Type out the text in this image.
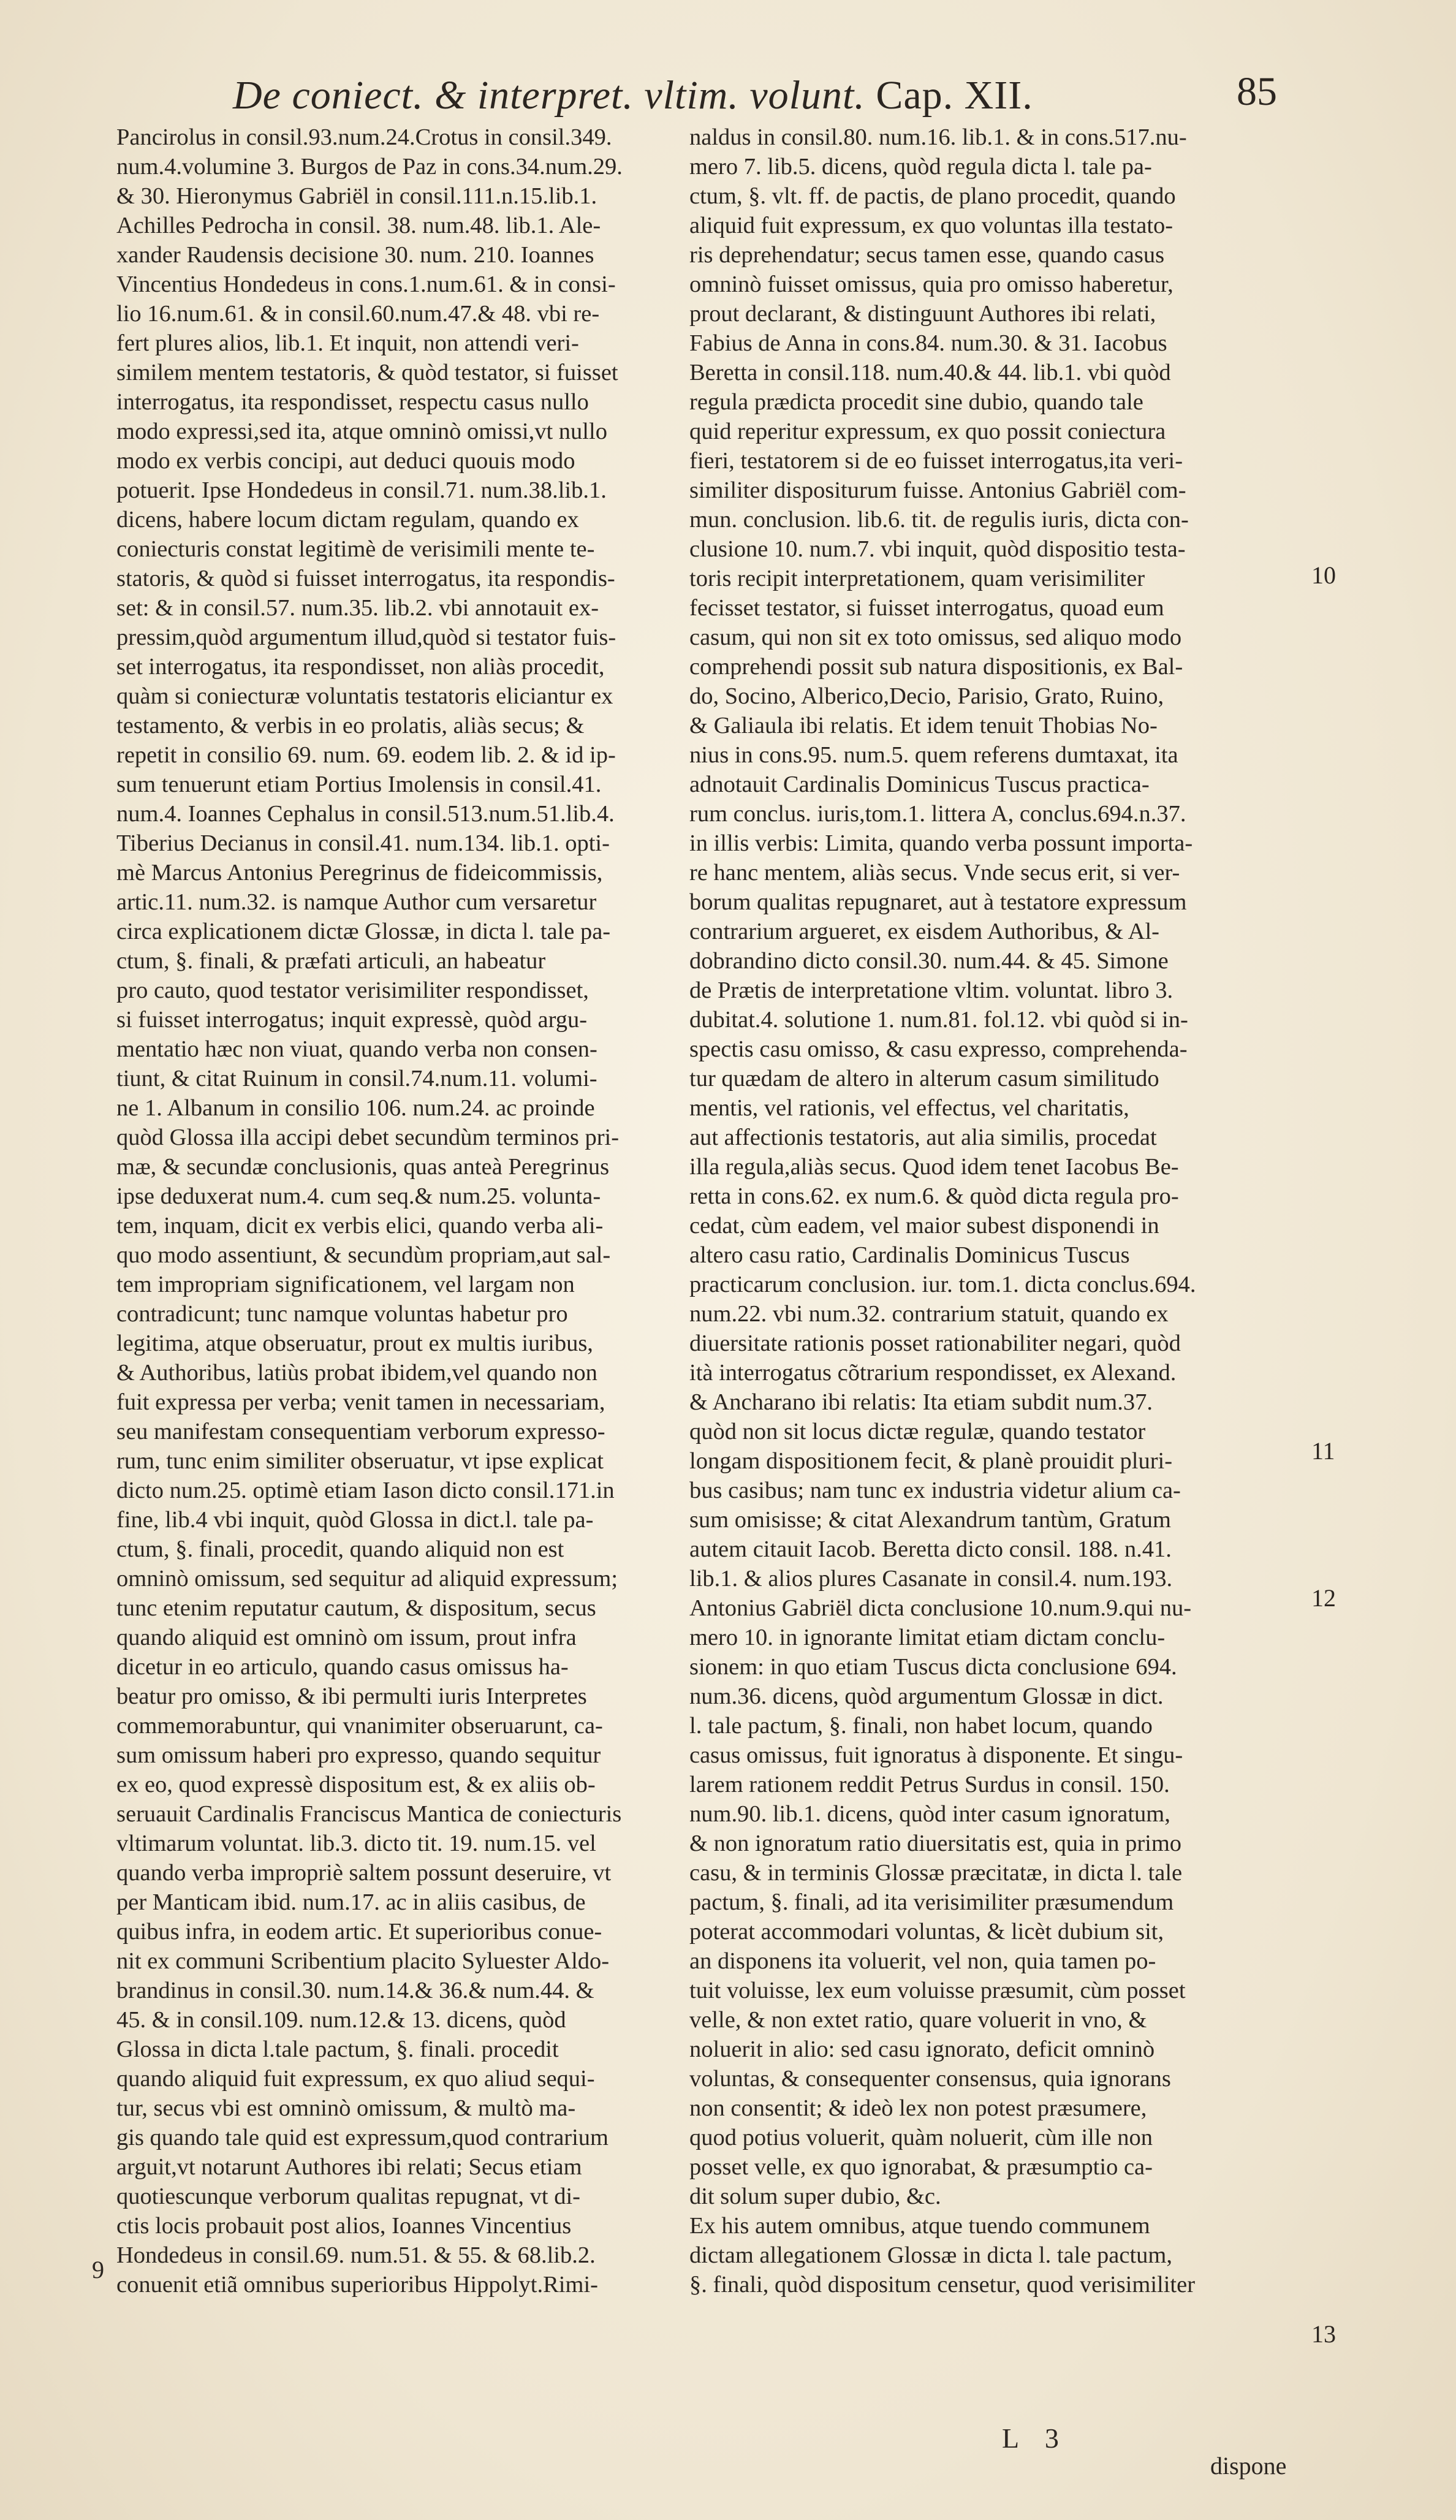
De coniect. & interpret. vltim. volunt. Cap. XII.	85
Pancirolus in consil.93.num.24.Crotus in consil.349.
num.4.volumine 3. Burgos de Paz in cons.34.num.29.
& 30. Hieronymus Gabriël in consil.111.n.15.lib.1.
Achilles Pedrocha in consil. 38. num.48. lib.1. Ale-
xander Raudensis decisione 30. num. 210. Ioannes
Vincentius Hondedeus in cons.1.num.61. & in consi-
lio 16.num.61. & in consil.60.num.47.& 48. vbi re-
fert plures alios, lib.1. Et inquit, non attendi veri-
similem mentem testatoris, & quòd testator, si fuisset
interrogatus, ita respondisset, respectu casus nullo
modo expressi,sed ita, atque omninò omissi,vt nullo
modo ex verbis concipi, aut deduci quouis modo
potuerit. Ipse Hondedeus in consil.71. num.38.lib.1.
dicens, habere locum dictam regulam, quando ex
coniecturis constat legitimè de verisimili mente te-
statoris, & quòd si fuisset interrogatus, ita respondis-
set: & in consil.57. num.35. lib.2. vbi annotauit ex-
pressim,quòd argumentum illud,quòd si testator fuis-
set interrogatus, ita respondisset, non aliàs procedit,
quàm si coniecturæ voluntatis testatoris eliciantur ex
testamento, & verbis in eo prolatis, aliàs secus; &
repetit in consilio 69. num. 69. eodem lib. 2. & id ip-
sum tenuerunt etiam Portius Imolensis in consil.41.
num.4. Ioannes Cephalus in consil.513.num.51.lib.4.
Tiberius Decianus in consil.41. num.134. lib.1. opti-
mè Marcus Antonius Peregrinus de fideicommissis,
artic.11. num.32. is namque Author cum versaretur
circa explicationem dictæ Glossæ, in dicta l. tale pa-
ctum, §. finali, & præfati articuli, an habeatur
pro cauto, quod testator verisimiliter respondisset,
si fuisset interrogatus; inquit expressè, quòd argu-
mentatio hæc non viuat, quando verba non consen-
tiunt, & citat Ruinum in consil.74.num.11. volumi-
ne 1. Albanum in consilio 106. num.24. ac proinde
quòd Glossa illa accipi debet secundùm terminos pri-
mæ, & secundæ conclusionis, quas anteà Peregrinus
ipse deduxerat num.4. cum seq.& num.25. volunta-
tem, inquam, dicit ex verbis elici, quando verba ali-
quo modo assentiunt, & secundùm propriam,aut sal-
tem impropriam significationem, vel largam non
contradicunt; tunc namque voluntas habetur pro
legitima, atque obseruatur, prout ex multis iuribus,
& Authoribus, latiùs probat ibidem,vel quando non
fuit expressa per verba; venit tamen in necessariam,
seu manifestam consequentiam verborum expresso-
rum, tunc enim similiter obseruatur, vt ipse explicat
dicto num.25. optimè etiam Iason dicto consil.171.in
fine, lib.4 vbi inquit, quòd Glossa in dict.l. tale pa-
ctum, §. finali, procedit, quando aliquid non est
omninò omissum, sed sequitur ad aliquid expressum;
tunc etenim reputatur cautum, & dispositum, secus
quando aliquid est omninò om issum, prout infra
dicetur in eo articulo, quando casus omissus ha-
beatur pro omisso, & ibi permulti iuris Interpretes
commemorabuntur, qui vnanimiter obseruarunt, ca-
sum omissum haberi pro expresso, quando sequitur
ex eo, quod expressè dispositum est, & ex aliis ob-
seruauit Cardinalis Franciscus Mantica de coniecturis
vltimarum voluntat. lib.3. dicto tit. 19. num.15. vel
quando verba impropriè saltem possunt deseruire, vt
per Manticam ibid. num.17. ac in aliis casibus, de
quibus infra, in eodem artic. Et superioribus conue-
nit ex communi Scribentium placito Syluester Aldo-
brandinus in consil.30. num.14.& 36.& num.44. &
45. & in consil.109. num.12.& 13. dicens, quòd
Glossa in dicta l.tale pactum, §. finali. procedit
quando aliquid fuit expressum, ex quo aliud sequi-
tur, secus vbi est omninò omissum, & multò ma-
gis quando tale quid est expressum,quod contrarium
arguit,vt notarunt Authores ibi relati; Secus etiam
quotiescunque verborum qualitas repugnat, vt di-
ctis locis probauit post alios, Ioannes Vincentius
Hondedeus in consil.69. num.51. & 55. & 68.lib.2.
conuenit etiã omnibus superioribus Hippolyt.Rimi-
naldus in consil.80. num.16. lib.1. & in cons.517.nu-
mero 7. lib.5. dicens, quòd regula dicta l. tale pa-
ctum, §. vlt. ff. de pactis, de plano procedit, quando
aliquid fuit expressum, ex quo voluntas illa testato-
ris deprehendatur; secus tamen esse, quando casus
omninò fuisset omissus, quia pro omisso haberetur,
prout declarant, & distinguunt Authores ibi relati,
Fabius de Anna in cons.84. num.30. & 31. Iacobus
Beretta in consil.118. num.40.& 44. lib.1. vbi quòd
regula prædicta procedit sine dubio, quando tale
quid reperitur expressum, ex quo possit coniectura
fieri, testatorem si de eo fuisset interrogatus,ita veri-
similiter dispositurum fuisse. Antonius Gabriël com-
mun. conclusion. lib.6. tit. de regulis iuris, dicta con-
clusione 10. num.7. vbi inquit, quòd dispositio testa-
toris recipit interpretationem, quam verisimiliter
fecisset testator, si fuisset interrogatus, quoad eum
casum, qui non sit ex toto omissus, sed aliquo modo
comprehendi possit sub natura dispositionis, ex Bal-
do, Socino, Alberico,Decio, Parisio, Grato, Ruino,
& Galiaula ibi relatis. Et idem tenuit Thobias No-
nius in cons.95. num.5. quem referens dumtaxat, ita
adnotauit Cardinalis Dominicus Tuscus practica-
rum conclus. iuris,tom.1. littera A, conclus.694.n.37.
in illis verbis: Limita, quando verba possunt importa-
re hanc mentem, aliàs secus. Vnde secus erit, si ver-
borum qualitas repugnaret, aut à testatore expressum
contrarium argueret, ex eisdem Authoribus, & Al-
dobrandino dicto consil.30. num.44. & 45. Simone
de Prætis de interpretatione vltim. voluntat. libro 3.
dubitat.4. solutione 1. num.81. fol.12. vbi quòd si in-
spectis casu omisso, & casu expresso, comprehenda-
tur quædam de altero in alterum casum similitudo
mentis, vel rationis, vel effectus, vel charitatis,
aut affectionis testatoris, aut alia similis, procedat
illa regula,aliàs secus. Quod idem tenet Iacobus Be-
retta in cons.62. ex num.6. & quòd dicta regula pro-
cedat, cùm eadem, vel maior subest disponendi in
altero casu ratio, Cardinalis Dominicus Tuscus
practicarum conclusion. iur. tom.1. dicta conclus.694.
num.22. vbi num.32. contrarium statuit, quando ex
diuersitate rationis posset rationabiliter negari, quòd
ità interrogatus cõtrarium respondisset, ex Alexand.
& Ancharano ibi relatis: Ita etiam subdit num.37.
quòd non sit locus dictæ regulæ, quando testator
longam dispositionem fecit, & planè prouidit pluri-
bus casibus; nam tunc ex industria videtur alium ca-
sum omisisse; & citat Alexandrum tantùm, Gratum
autem citauit Iacob. Beretta dicto consil. 188. n.41.
lib.1. & alios plures Casanate in consil.4. num.193.
Antonius Gabriël dicta conclusione 10.num.9.qui nu-
mero 10. in ignorante limitat etiam dictam conclu-
sionem: in quo etiam Tuscus dicta conclusione 694.
num.36. dicens, quòd argumentum Glossæ in dict.
l. tale pactum, §. finali, non habet locum, quando
casus omissus, fuit ignoratus à disponente. Et singu-
larem rationem reddit Petrus Surdus in consil. 150.
num.90. lib.1. dicens, quòd inter casum ignoratum,
& non ignoratum ratio diuersitatis est, quia in primo
casu, & in terminis Glossæ præcitatæ, in dicta l. tale
pactum, §. finali, ad ita verisimiliter præsumendum
poterat accommodari voluntas, & licèt dubium sit,
an disponens ita voluerit, vel non, quia tamen po-
tuit voluisse, lex eum voluisse præsumit, cùm posset
velle, & non extet ratio, quare voluerit in vno, &
noluerit in alio: sed casu ignorato, deficit omninò
voluntas, & consequenter consensus, quia ignorans
non consentit; & ideò lex non potest præsumere,
quod potius voluerit, quàm noluerit, cùm ille non
posset velle, ex quo ignorabat, & præsumptio ca-
dit solum super dubio, &c.
Ex his autem omnibus, atque tuendo communem
dictam allegationem Glossæ in dicta l. tale pactum,
§. finali, quòd dispositum censetur, quod verisimiliter
10
11
12
13
9
L 3
dispone
